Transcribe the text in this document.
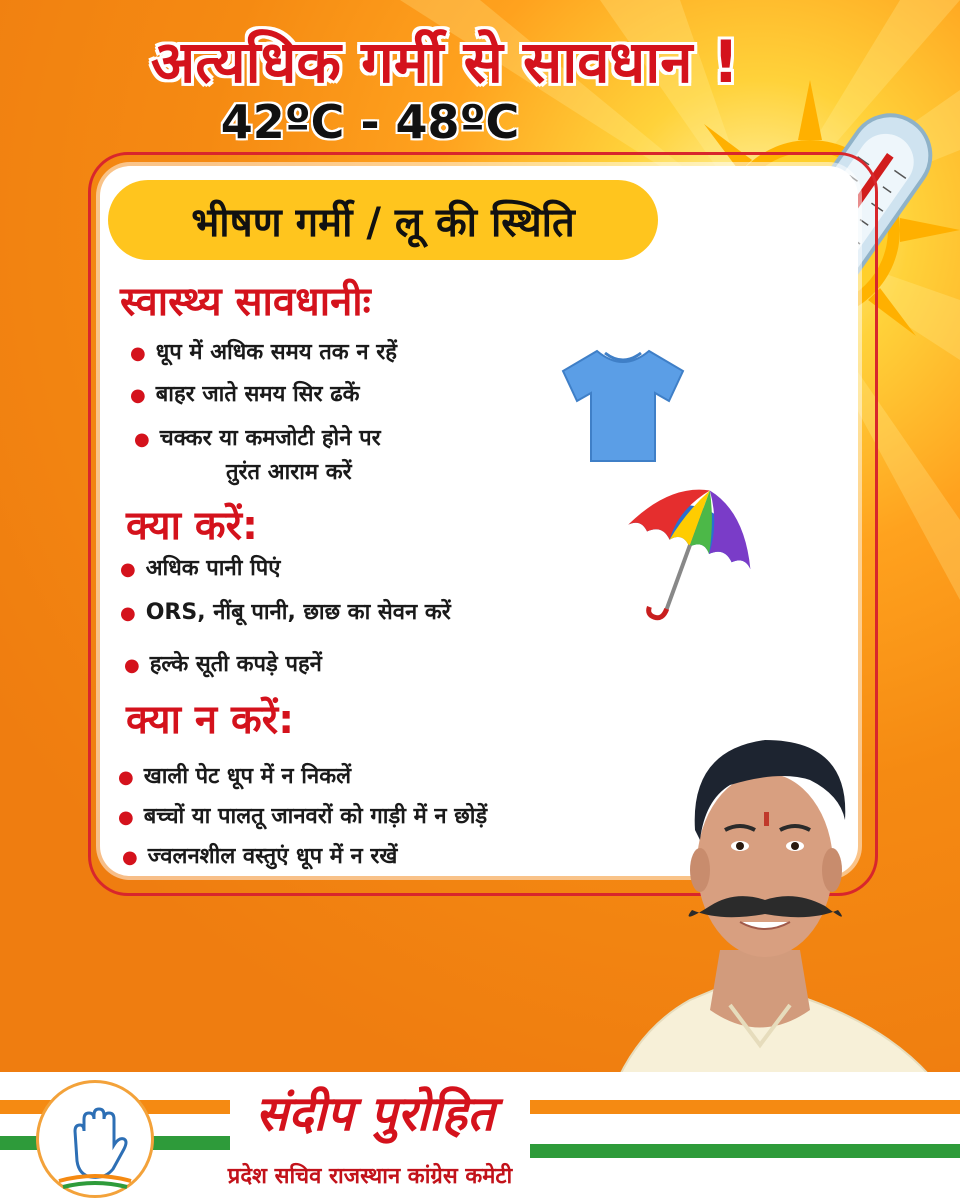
अत्यधिक गर्मी से सावधान !
42ºC - 48ºC
भीषण गर्मी / लू की स्थिति
स्वास्थ्य सावधानीः
● धूप में अधिक समय तक न रहें
● बाहर जाते समय सिर ढकें
● चक्कर या कमजोटी होने पर
तुरंत आराम करें
क्या करें:
● अधिक पानी पिएं
● ORS, नींबू पानी, छाछ का सेवन करें
● हल्के सूती कपड़े पहनें
क्या न करें:
● खाली पेट धूप में न निकलें
● बच्चों या पालतू जानवरों को गाड़ी में न छोड़ें
● ज्वलनशील वस्तुएं धूप में न रखें
संदीप पुरोहित
प्रदेश सचिव राजस्थान कांग्रेस कमेटी
